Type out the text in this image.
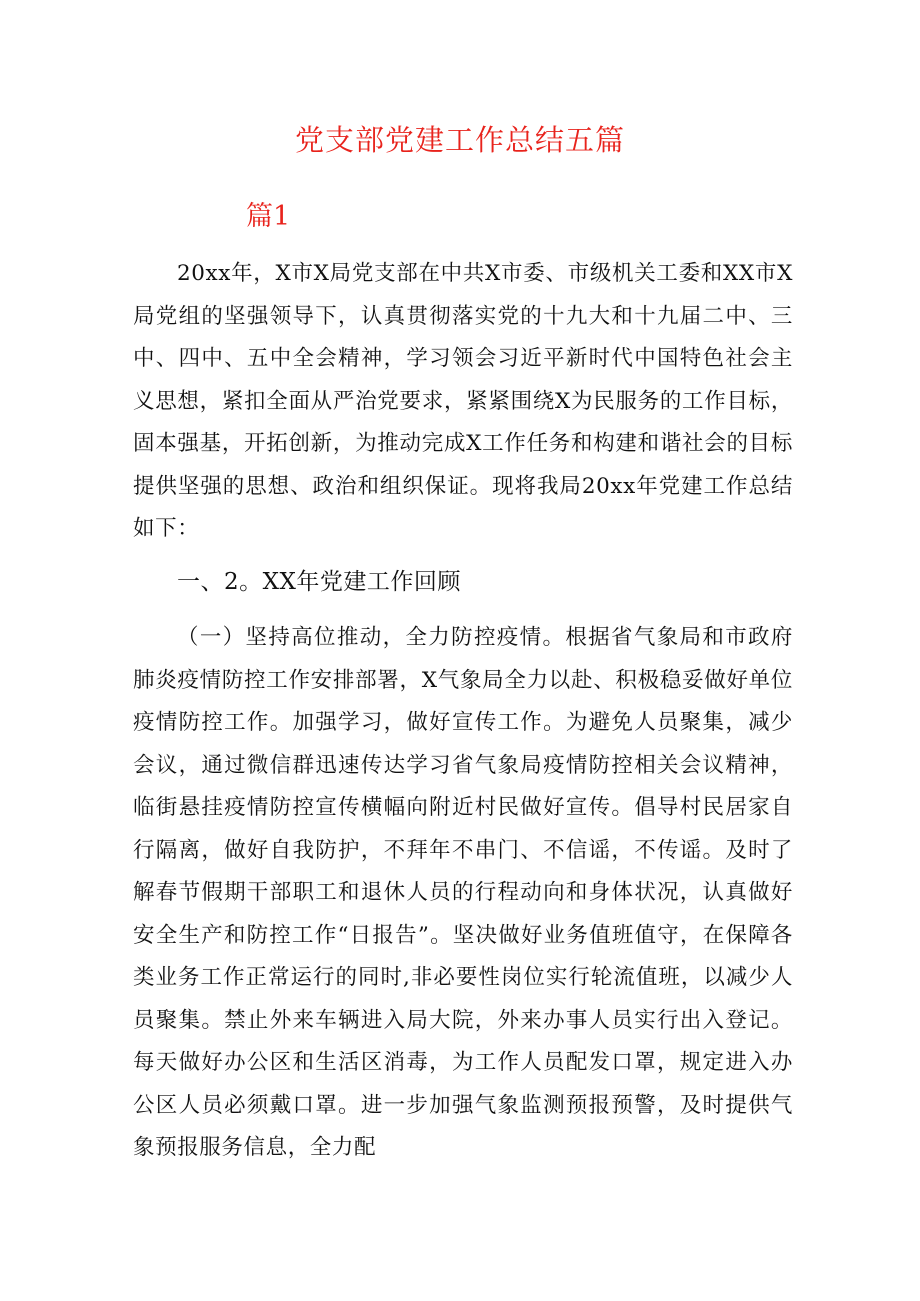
党支部党建工作总结五篇
篇1

20xx年，X市X局党支部在中共X市委、市级机关工委和XX市X局党组的坚强领导下，认真贯彻落实党的十九大和十九届二中、三中、四中、五中全会精神，学习领会习近平新时代中国特色社会主义思想，紧扣全面从严治党要求，紧紧围绕X为民服务的工作目标，固本强基，开拓创新，为推动完成X工作任务和构建和谐社会的目标提供坚强的思想、政治和组织保证。现将我局20xx年党建工作总结如下：

一、2。XX年党建工作回顾

（一）坚持高位推动，全力防控疫情。根据省气象局和市政府肺炎疫情防控工作安排部署，X气象局全力以赴、积极稳妥做好单位疫情防控工作。加强学习，做好宣传工作。为避免人员聚集，减少会议，通过微信群迅速传达学习省气象局疫情防控相关会议精神，临街悬挂疫情防控宣传横幅向附近村民做好宣传。倡导村民居家自行隔离，做好自我防护，不拜年不串门、不信谣，不传谣。及时了解春节假期干部职工和退休人员的行程动向和身体状况，认真做好安全生产和防控工作“日报告”。坚决做好业务值班值守，在保障各类业务工作正常运行的同时,非必要性岗位实行轮流值班，以减少人员聚集。禁止外来车辆进入局大院，外来办事人员实行出入登记。每天做好办公区和生活区消毒，为工作人员配发口罩，规定进入办公区人员必须戴口罩。进一步加强气象监测预报预警，及时提供气象预报服务信息，全力配
